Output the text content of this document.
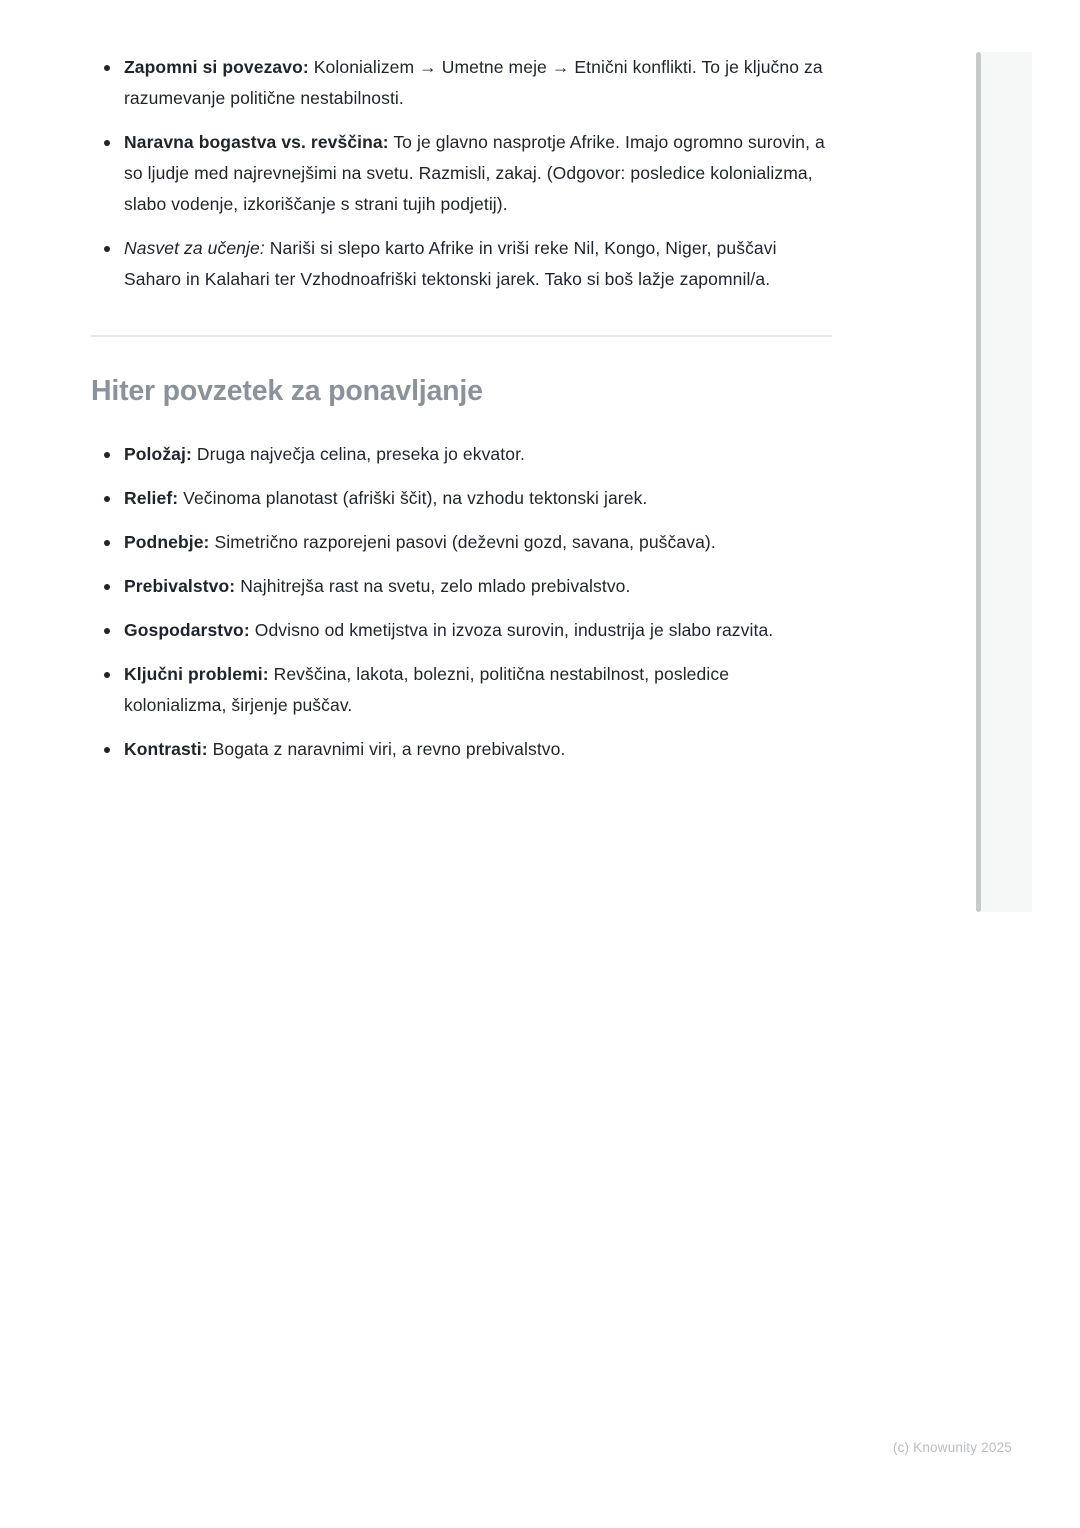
Zapomni si povezavo: Kolonializem → Umetne meje → Etnični konflikti. To je ključno za razumevanje politične nestabilnosti.
Naravna bogastva vs. revščina: To je glavno nasprotje Afrike. Imajo ogromno surovin, a so ljudje med najrevnejšimi na svetu. Razmisli, zakaj. (Odgovor: posledice kolonializma, slabo vodenje, izkoriščanje s strani tujih podjetij).
Nasvet za učenje: Nariši si slepo karto Afrike in vriši reke Nil, Kongo, Niger, puščavi Saharo in Kalahari ter Vzhodnoafriški tektonski jarek. Tako si boš lažje zapomnil/a.
Hiter povzetek za ponavljanje
Položaj: Druga največja celina, preseka jo ekvator.
Relief: Večinoma planotast (afriški ščit), na vzhodu tektonski jarek.
Podnebje: Simetrično razporejeni pasovi (deževni gozd, savana, puščava).
Prebivalstvo: Najhitrejša rast na svetu, zelo mlado prebivalstvo.
Gospodarstvo: Odvisno od kmetijstva in izvoza surovin, industrija je slabo razvita.
Ključni problemi: Revščina, lakota, bolezni, politična nestabilnost, posledice kolonializma, širjenje puščav.
Kontrasti: Bogata z naravnimi viri, a revno prebivalstvo.
(c) Knowunity 2025
